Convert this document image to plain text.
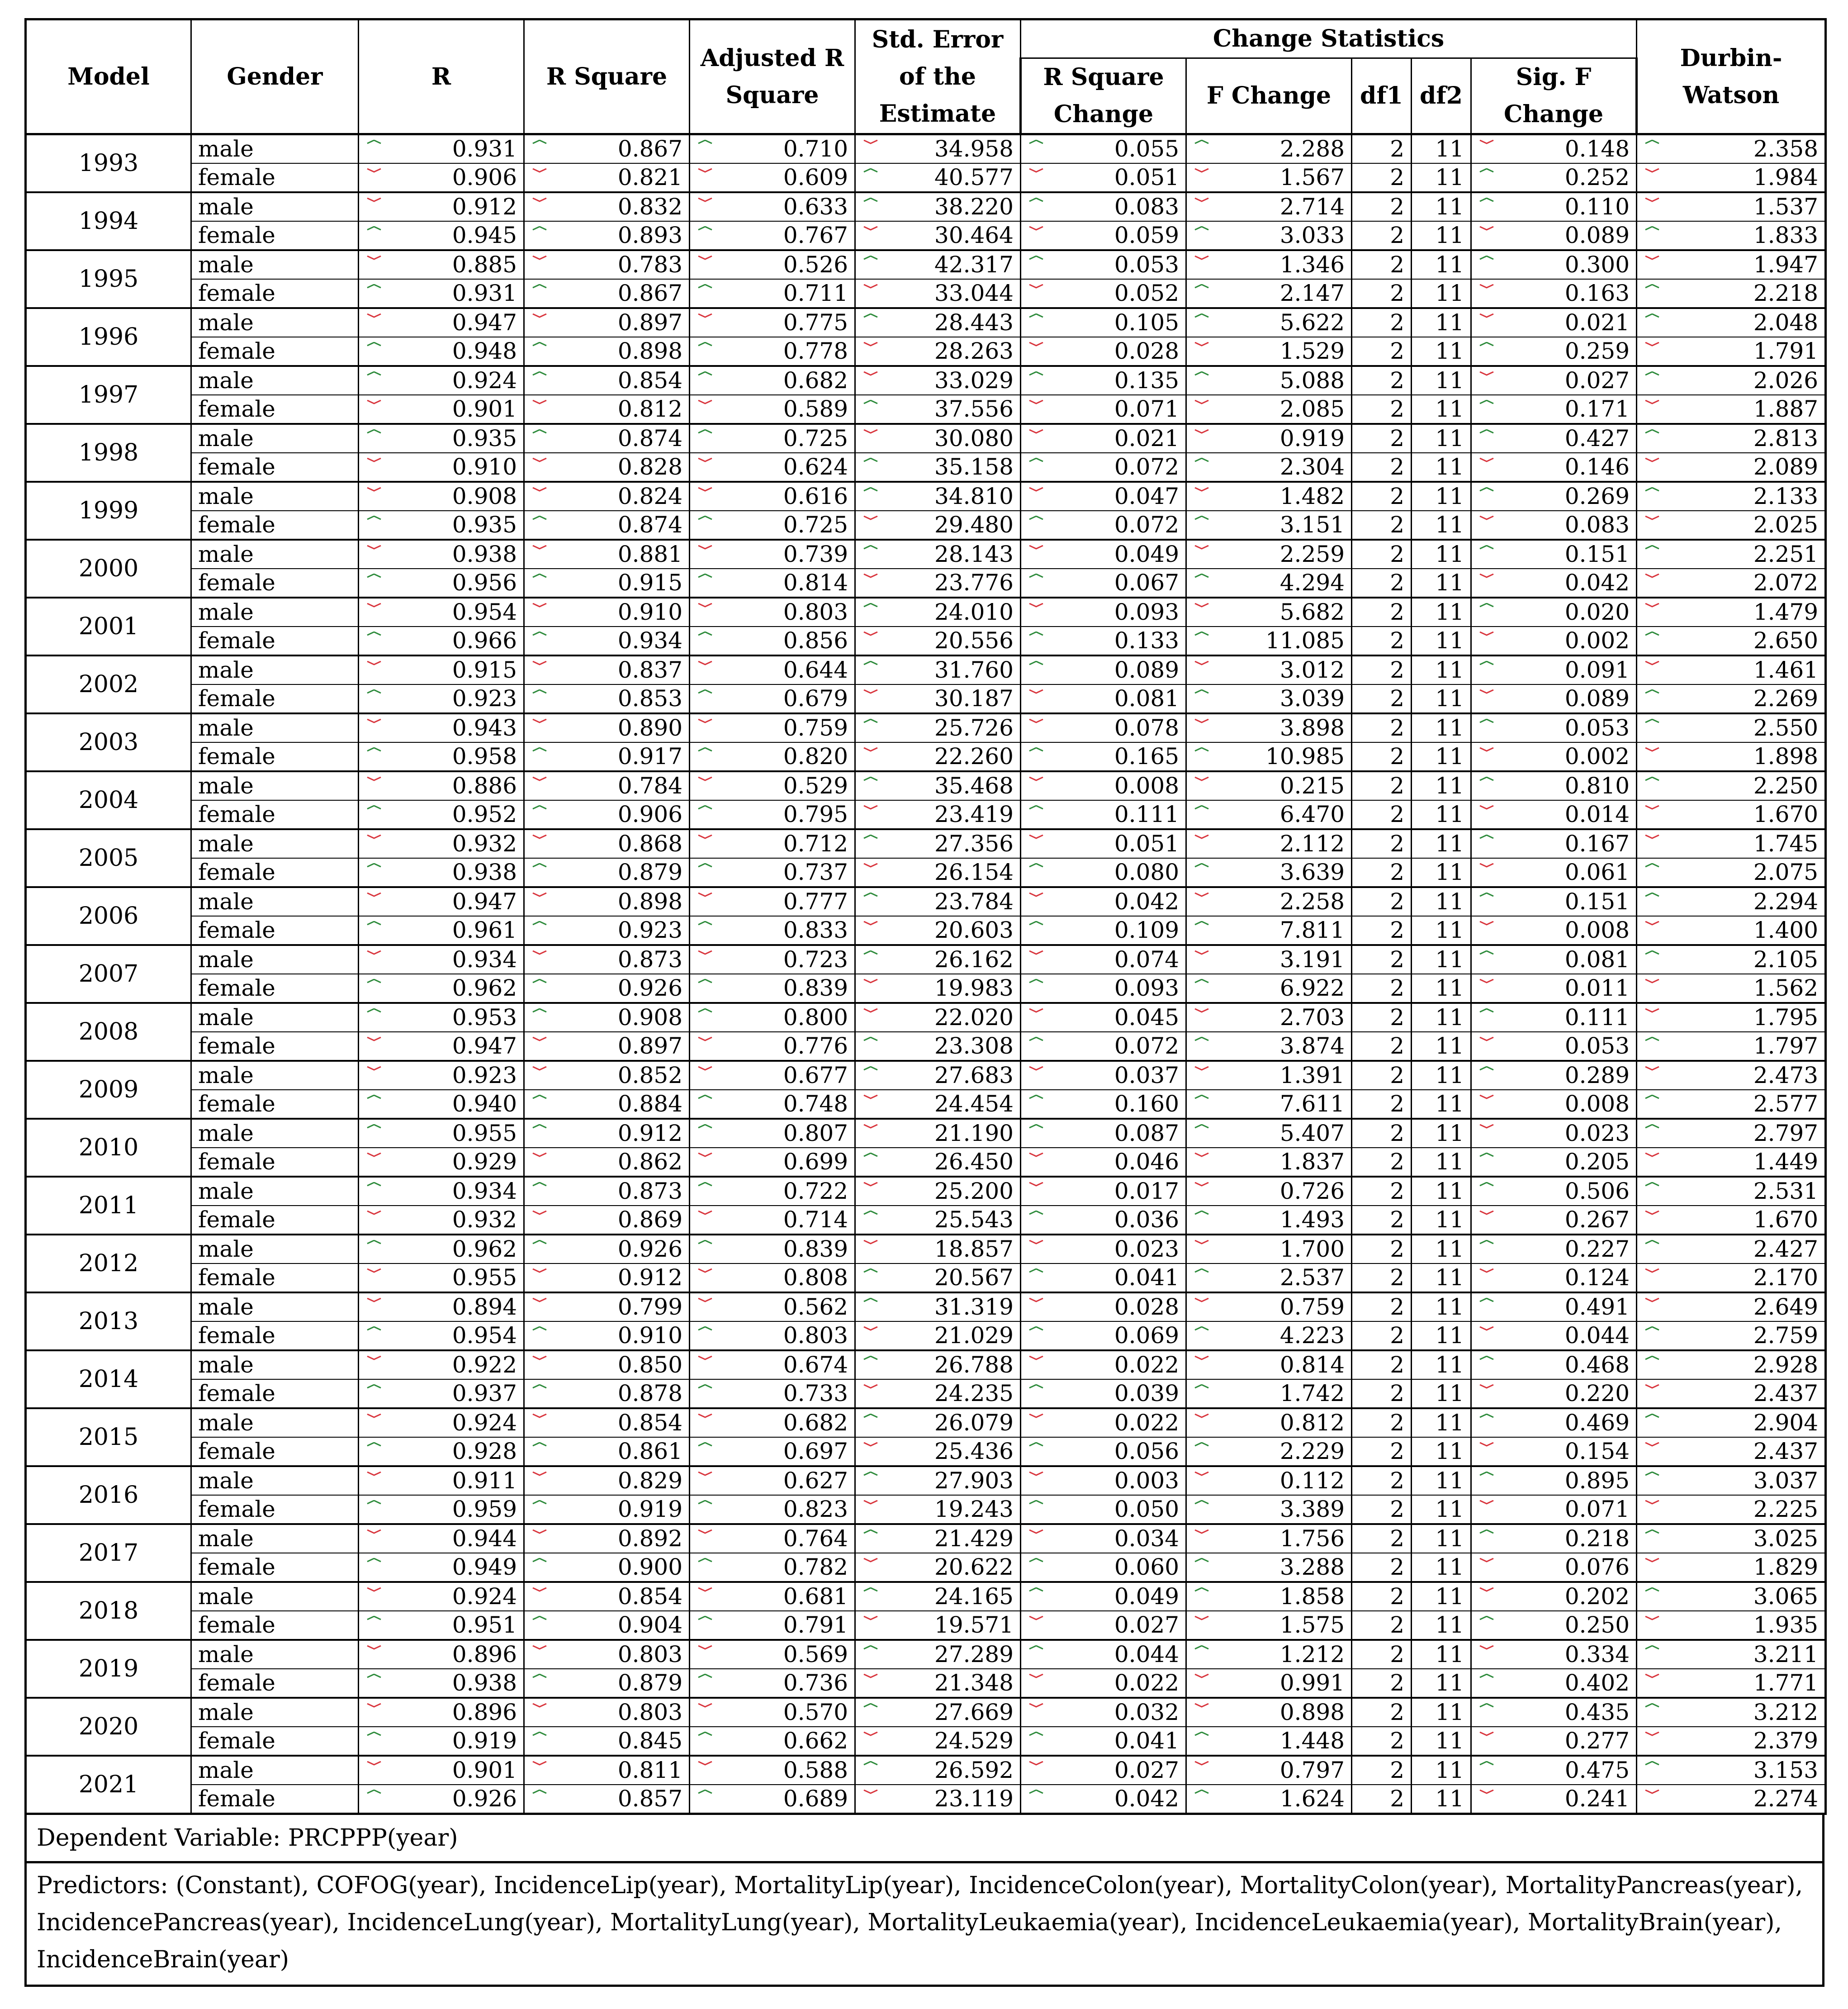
Model	Gender	R	R Square	Adjusted R Square	Std. Error of the Estimate	Change Statistics					Durbin-Watson
						R Square Change	F Change	df1	df2	Sig. F Change	
1993	male	0.931	0.867	0.710	34.958	0.055	2.288	2	11	0.148	2.358
	female	0.906	0.821	0.609	40.577	0.051	1.567	2	11	0.252	1.984
1994	male	0.912	0.832	0.633	38.220	0.083	2.714	2	11	0.110	1.537
	female	0.945	0.893	0.767	30.464	0.059	3.033	2	11	0.089	1.833
1995	male	0.885	0.783	0.526	42.317	0.053	1.346	2	11	0.300	1.947
	female	0.931	0.867	0.711	33.044	0.052	2.147	2	11	0.163	2.218
1996	male	0.947	0.897	0.775	28.443	0.105	5.622	2	11	0.021	2.048
	female	0.948	0.898	0.778	28.263	0.028	1.529	2	11	0.259	1.791
1997	male	0.924	0.854	0.682	33.029	0.135	5.088	2	11	0.027	2.026
	female	0.901	0.812	0.589	37.556	0.071	2.085	2	11	0.171	1.887
1998	male	0.935	0.874	0.725	30.080	0.021	0.919	2	11	0.427	2.813
	female	0.910	0.828	0.624	35.158	0.072	2.304	2	11	0.146	2.089
1999	male	0.908	0.824	0.616	34.810	0.047	1.482	2	11	0.269	2.133
	female	0.935	0.874	0.725	29.480	0.072	3.151	2	11	0.083	2.025
2000	male	0.938	0.881	0.739	28.143	0.049	2.259	2	11	0.151	2.251
	female	0.956	0.915	0.814	23.776	0.067	4.294	2	11	0.042	2.072
2001	male	0.954	0.910	0.803	24.010	0.093	5.682	2	11	0.020	1.479
	female	0.966	0.934	0.856	20.556	0.133	11.085	2	11	0.002	2.650
2002	male	0.915	0.837	0.644	31.760	0.089	3.012	2	11	0.091	1.461
	female	0.923	0.853	0.679	30.187	0.081	3.039	2	11	0.089	2.269
2003	male	0.943	0.890	0.759	25.726	0.078	3.898	2	11	0.053	2.550
	female	0.958	0.917	0.820	22.260	0.165	10.985	2	11	0.002	1.898
2004	male	0.886	0.784	0.529	35.468	0.008	0.215	2	11	0.810	2.250
	female	0.952	0.906	0.795	23.419	0.111	6.470	2	11	0.014	1.670
2005	male	0.932	0.868	0.712	27.356	0.051	2.112	2	11	0.167	1.745
	female	0.938	0.879	0.737	26.154	0.080	3.639	2	11	0.061	2.075
2006	male	0.947	0.898	0.777	23.784	0.042	2.258	2	11	0.151	2.294
	female	0.961	0.923	0.833	20.603	0.109	7.811	2	11	0.008	1.400
2007	male	0.934	0.873	0.723	26.162	0.074	3.191	2	11	0.081	2.105
	female	0.962	0.926	0.839	19.983	0.093	6.922	2	11	0.011	1.562
2008	male	0.953	0.908	0.800	22.020	0.045	2.703	2	11	0.111	1.795
	female	0.947	0.897	0.776	23.308	0.072	3.874	2	11	0.053	1.797
2009	male	0.923	0.852	0.677	27.683	0.037	1.391	2	11	0.289	2.473
	female	0.940	0.884	0.748	24.454	0.160	7.611	2	11	0.008	2.577
2010	male	0.955	0.912	0.807	21.190	0.087	5.407	2	11	0.023	2.797
	female	0.929	0.862	0.699	26.450	0.046	1.837	2	11	0.205	1.449
2011	male	0.934	0.873	0.722	25.200	0.017	0.726	2	11	0.506	2.531
	female	0.932	0.869	0.714	25.543	0.036	1.493	2	11	0.267	1.670
2012	male	0.962	0.926	0.839	18.857	0.023	1.700	2	11	0.227	2.427
	female	0.955	0.912	0.808	20.567	0.041	2.537	2	11	0.124	2.170
2013	male	0.894	0.799	0.562	31.319	0.028	0.759	2	11	0.491	2.649
	female	0.954	0.910	0.803	21.029	0.069	4.223	2	11	0.044	2.759
2014	male	0.922	0.850	0.674	26.788	0.022	0.814	2	11	0.468	2.928
	female	0.937	0.878	0.733	24.235	0.039	1.742	2	11	0.220	2.437
2015	male	0.924	0.854	0.682	26.079	0.022	0.812	2	11	0.469	2.904
	female	0.928	0.861	0.697	25.436	0.056	2.229	2	11	0.154	2.437
2016	male	0.911	0.829	0.627	27.903	0.003	0.112	2	11	0.895	3.037
	female	0.959	0.919	0.823	19.243	0.050	3.389	2	11	0.071	2.225
2017	male	0.944	0.892	0.764	21.429	0.034	1.756	2	11	0.218	3.025
	female	0.949	0.900	0.782	20.622	0.060	3.288	2	11	0.076	1.829
2018	male	0.924	0.854	0.681	24.165	0.049	1.858	2	11	0.202	3.065
	female	0.951	0.904	0.791	19.571	0.027	1.575	2	11	0.250	1.935
2019	male	0.896	0.803	0.569	27.289	0.044	1.212	2	11	0.334	3.211
	female	0.938	0.879	0.736	21.348	0.022	0.991	2	11	0.402	1.771
2020	male	0.896	0.803	0.570	27.669	0.032	0.898	2	11	0.435	3.212
	female	0.919	0.845	0.662	24.529	0.041	1.448	2	11	0.277	2.379
2021	male	0.901	0.811	0.588	26.592	0.027	0.797	2	11	0.475	3.153
	female	0.926	0.857	0.689	23.119	0.042	1.624	2	11	0.241	2.274
Dependent Variable: PRCPPP(year)
Predictors: (Constant), COFOG(year), IncidenceLip(year), MortalityLip(year), IncidenceColon(year), MortalityColon(year), MortalityPancreas(year), IncidencePancreas(year), IncidenceLung(year), MortalityLung(year), MortalityLeukaemia(year), IncidenceLeukaemia(year), MortalityBrain(year), IncidenceBrain(year)
